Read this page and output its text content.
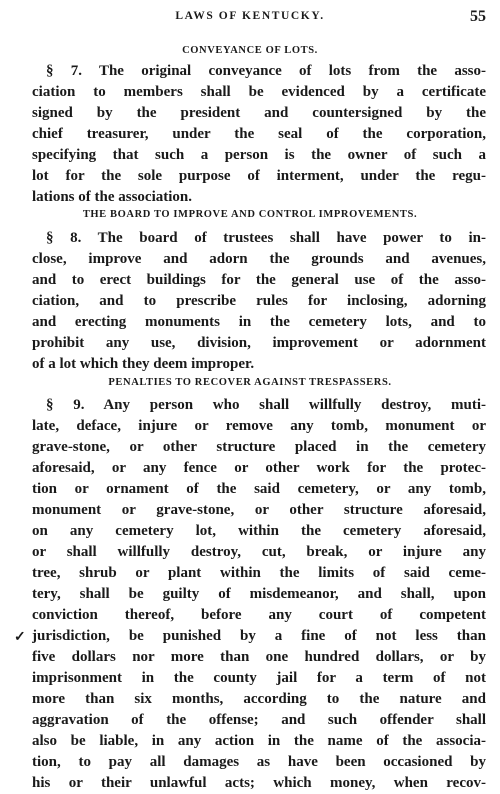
LAWS OF KENTUCKY.	55
CONVEYANCE OF LOTS.
§ 7. The original conveyance of lots from the asso-
ciation to members shall be evidenced by a certificate
signed by the president and countersigned by the
chief treasurer, under the seal of the corporation,
specifying that such a person is the owner of such a
lot for the sole purpose of interment, under the regu-
lations of the association.
THE BOARD TO IMPROVE AND CONTROL IMPROVEMENTS.
§ 8. The board of trustees shall have power to in-
close, improve and adorn the grounds and avenues,
and to erect buildings for the general use of the asso-
ciation, and to prescribe rules for inclosing, adorning
and erecting monuments in the cemetery lots, and to
prohibit any use, division, improvement or adornment
of a lot which they deem improper.
PENALTIES TO RECOVER AGAINST TRESPASSERS.
§ 9. Any person who shall willfully destroy, muti-
late, deface, injure or remove any tomb, monument or
grave-stone, or other structure placed in the cemetery
aforesaid, or any fence or other work for the protec-
tion or ornament of the said cemetery, or any tomb,
monument or grave-stone, or other structure aforesaid,
on any cemetery lot, within the cemetery aforesaid,
or shall willfully destroy, cut, break, or injure any
tree, shrub or plant within the limits of said ceme-
tery, shall be guilty of misdemeanor, and shall, upon
conviction thereof, before any court of competent
jurisdiction, be punished by a fine of not less than
five dollars nor more than one hundred dollars, or by
imprisonment in the county jail for a term of not
more than six months, according to the nature and
aggravation of the offense; and such offender shall
also be liable, in any action in the name of the associa-
tion, to pay all damages as have been occasioned by
his or their unlawful acts; which money, when recov-
✓
